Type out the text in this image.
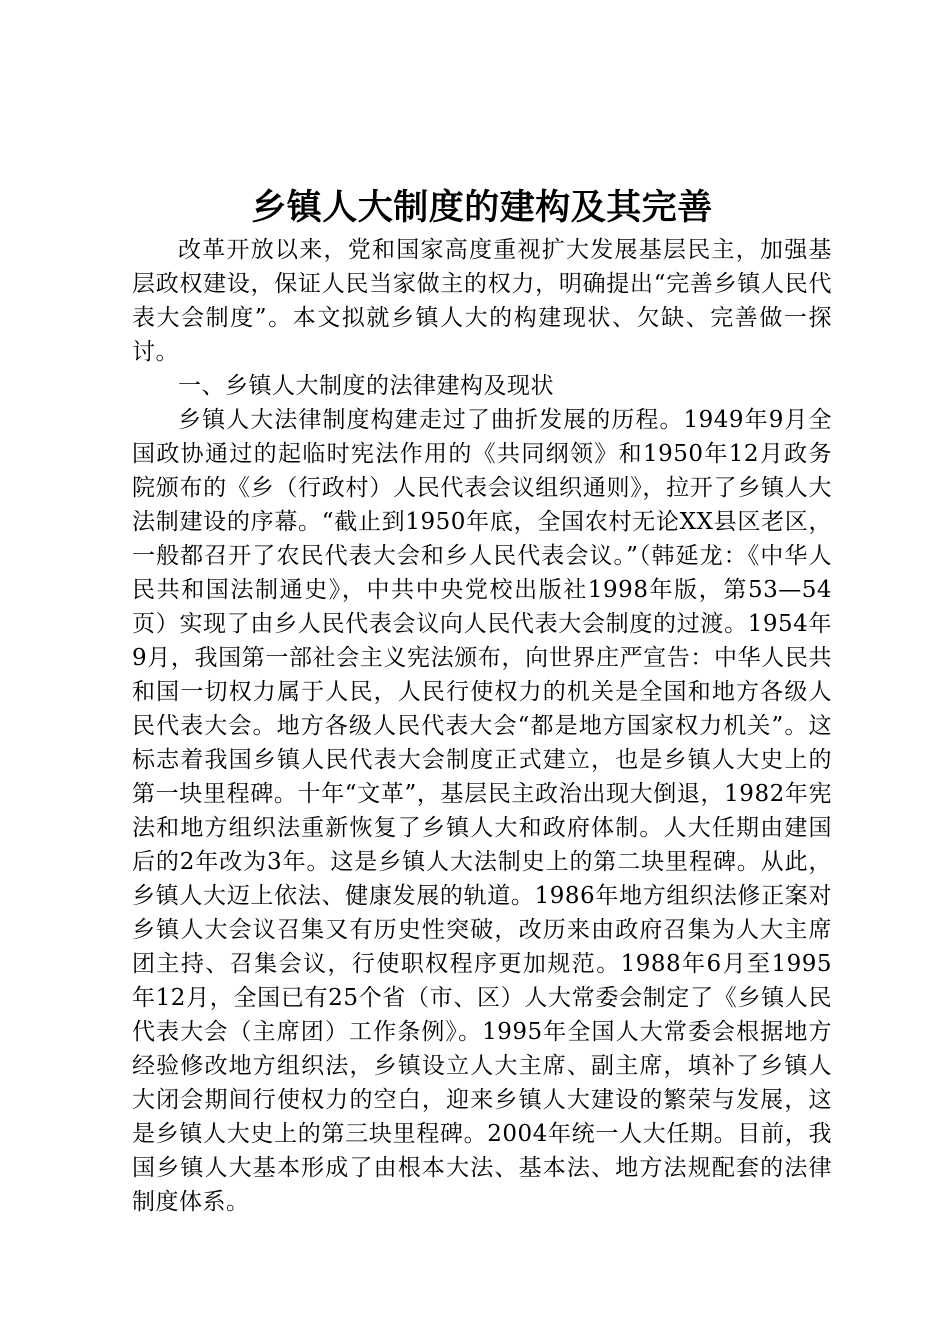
乡镇人大制度的建构及其完善

改革开放以来，党和国家高度重视扩大发展基层民主，加强基层政权建设，保证人民当家做主的权力，明确提出“完善乡镇人民代表大会制度”。本文拟就乡镇人大的构建现状、欠缺、完善做一探讨。

一、乡镇人大制度的法律建构及现状

乡镇人大法律制度构建走过了曲折发展的历程。1949年9月全国政协通过的起临时宪法作用的《共同纲领》和1950年12月政务院颁布的《乡（行政村）人民代表会议组织通则》，拉开了乡镇人大法制建设的序幕。“截止到1950年底，全国农村无论XX县区老区，一般都召开了农民代表大会和乡人民代表会议。”（韩延龙：《中华人民共和国法制通史》，中共中央党校出版社1998年版，第53—54页）实现了由乡人民代表会议向人民代表大会制度的过渡。1954年9月，我国第一部社会主义宪法颁布，向世界庄严宣告：中华人民共和国一切权力属于人民，人民行使权力的机关是全国和地方各级人民代表大会。地方各级人民代表大会“都是地方国家权力机关”。这标志着我国乡镇人民代表大会制度正式建立，也是乡镇人大史上的第一块里程碑。十年“文革”，基层民主政治出现大倒退，1982年宪法和地方组织法重新恢复了乡镇人大和政府体制。人大任期由建国后的2年改为3年。这是乡镇人大法制史上的第二块里程碑。从此，乡镇人大迈上依法、健康发展的轨道。1986年地方组织法修正案对乡镇人大会议召集又有历史性突破，改历来由政府召集为人大主席团主持、召集会议，行使职权程序更加规范。1988年6月至1995年12月，全国已有25个省（市、区）人大常委会制定了《乡镇人民代表大会（主席团）工作条例》。1995年全国人大常委会根据地方经验修改地方组织法，乡镇设立人大主席、副主席，填补了乡镇人大闭会期间行使权力的空白，迎来乡镇人大建设的繁荣与发展，这是乡镇人大史上的第三块里程碑。2004年统一人大任期。目前，我国乡镇人大基本形成了由根本大法、基本法、地方法规配套的法律制度体系。
